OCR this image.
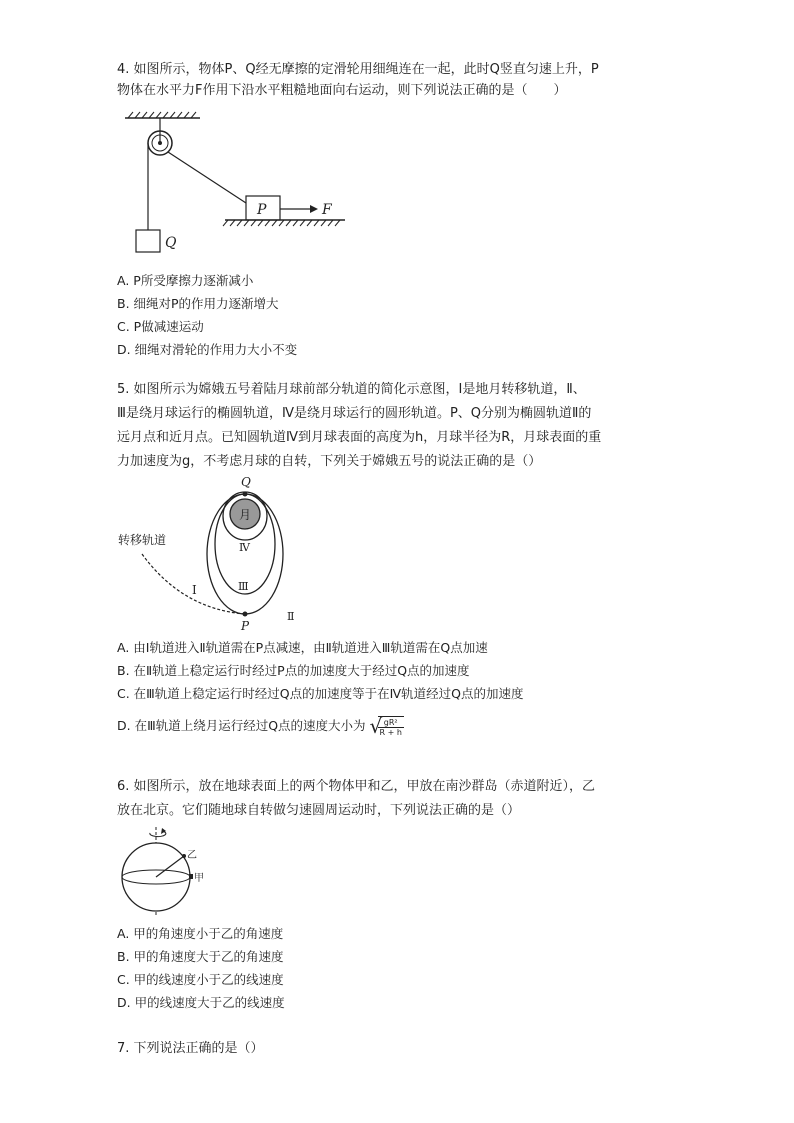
4. 如图所示，物体P、Q经无摩擦的定滑轮用细绳连在一起，此时Q竖直匀速上升，P
物体在水平力F作用下沿水平粗糙地面向右运动，则下列说法正确的是（　　）
Q
P	F
A. P所受摩擦力逐渐减小
B. 细绳对P的作用力逐渐增大
C. P做减速运动
D. 细绳对滑轮的作用力大小不变
5. 如图所示为嫦娥五号着陆月球前部分轨道的简化示意图，Ⅰ是地月转移轨道，Ⅱ、
Ⅲ是绕月球运行的椭圆轨道，Ⅳ是绕月球运行的圆形轨道。P、Q分别为椭圆轨道Ⅱ的
远月点和近月点。已知圆轨道Ⅳ到月球表面的高度为h，月球半径为R，月球表面的重
力加速度为g，不考虑月球的自转，下列关于嫦娥五号的说法正确的是（）
月
Q
P
转移轨道
Ⅰ
Ⅱ
Ⅲ
Ⅳ
A. 由Ⅰ轨道进入Ⅱ轨道需在P点减速，由Ⅱ轨道进入Ⅲ轨道需在Q点加速
B. 在Ⅱ轨道上稳定运行时经过P点的加速度大于经过Q点的加速度
C. 在Ⅲ轨道上稳定运行时经过Q点的加速度等于在Ⅳ轨道经过Q点的加速度
D. 在Ⅲ轨道上绕月运行经过Q点的速度大小为 √
$\frac{\text{gR²}}{R + h}$
6. 如图所示，放在地球表面上的两个物体甲和乙，甲放在南沙群岛（赤道附近），乙
放在北京。它们随地球自转做匀速圆周运动时，下列说法正确的是（）
乙
甲
A. 甲的角速度小于乙的角速度
B. 甲的角速度大于乙的角速度
C. 甲的线速度小于乙的线速度
D. 甲的线速度大于乙的线速度
7. 下列说法正确的是（）
